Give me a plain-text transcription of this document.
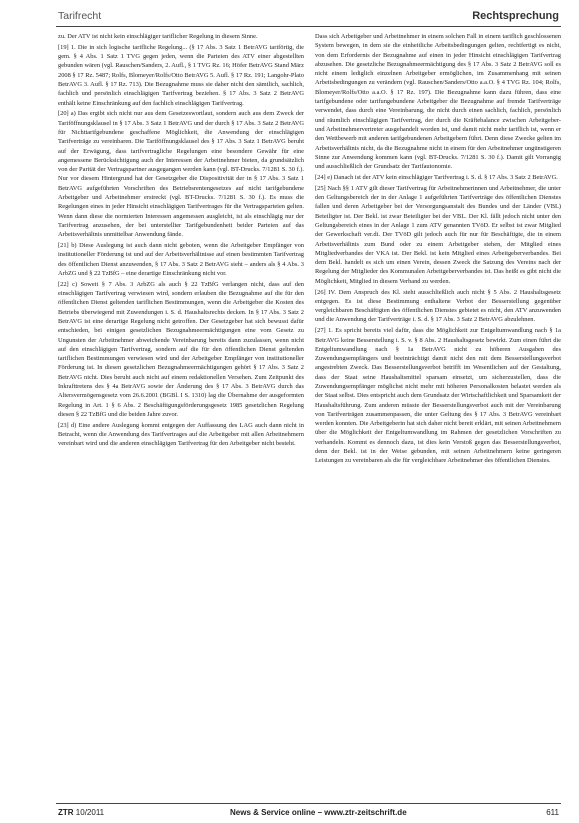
Tarifrecht	Rechtsprechung

zu. Der ATV ist nicht kein einschlägiger tariflicher Regelung in diesem Sinne.

[19] 1. Die in sich logische tarifliche Regelung... (§ 17 Abs. 3 Satz 1 BetrAVG tariförtig, die gem. § 4 Abs. 1 Satz 1 TVG gegen jeden, wenn die Parteien des ATV einer abgestellten gebunden wären (vgl. Rauschen/Sanders, 2. Aufl., § 1 TVG Rz. 16; Höfer BetrAVG Stand März 2008 § 17 Rz. 5487; Rolfs, Blomeyer/Rolfs/Otto BetrAVG 5. Aufl. § 17 Rz. 191; Langohr-Plato BetrAVG 3. Aufl. § 17 Rz. 713). Die Bezugnahme muss sie daher nicht den sämtlich, sachlich, fachlich und persönlich einschlägigen Tarifvertrag beziehen. § 17 Abs. 3 Satz 2 BetrAVG enthält keine Einschränkung auf den fachlich einschlägigen Tarifvertrag.

[20] a) Das ergibt sich nicht nur aus dem Gesetzeswortlaut, sondern auch aus dem Zweck der Tariföffnungsklausel in § 17 Abs. 3 Satz 1 BetrAVG und der durch § 17 Abs. 3 Satz 2 BetrAVG für Nichttarifgebundene geschaffene Möglichkeit, die Anwendung der einschlägigen Tarifverträge zu vereinbaren. Die Tariföffnungsklausel des § 17 Abs. 3 Satz 1 BetrAVG beruht auf der Erwägung, dass tarifvertragliche Regelungen eine besondere Gewähr für eine angemessene Berücksichtigung auch der Interessen der Arbeitnehmer bieten, da grundsätzlich von der Parität der Vertragspartner ausgegangen werden kann (vgl. BT-Drucks. 7/1281 S. 30 f.). Nur vor diesem Hintergrund hat der Gesetzgeber die Dispositivität der in § 17 Abs. 3 Satz 1 BetrAVG aufgeführten Vorschriften des Betriebsrentengesetzes auf nicht tarifgebundene Arbeitgeber und Arbeitnehmer erstreckt (vgl. BT-Drucks. 7/1281 S. 30 f.). Es muss die Regelungen eines in jeder Hinsicht einschlägigen Tarifvertrages für die Vertragsparteien gelten. Wenn dann diese die normierten Interessen angemessen ausgleicht, ist als einschlägig nur der Tarifvertrag anzusehen, der bei unterstellter Tarifgebundenheit beider Parteien auf das Arbeitsverhältnis unmittelbar Anwendung fände.

[21] b) Diese Auslegung ist auch dann nicht geboten, wenn die Arbeitgeber Empfänger von institutioneller Förderung ist und auf der Arbeitsverhältnisse auf einen bestimmten Tarifvertrag des öffentlichen Dienst anzuwenden, § 17 Abs. 3 Satz 2 BetrAVG sieht – anders als § 4 Abs. 3 ArbZG und § 22 TzBfG – eine derartige Einschränkung nicht vor.

[22] c) Soweit § 7 Abs. 3 ArbZG als auch § 22 TzBfG verlangen nicht, dass auf den einschlägigen Tarifvertrag verwiesen wird, sondern erlauben die Bezugnahme auf die für den öffentlichen Dienst geltenden tariflichen Bestimmungen, wenn die Arbeitgeber die Kosten des Betriebs überwiegend mit Zuwendungen i. S. d. Haushaltsrechts decken. In § 17 Abs. 3 Satz 2 BetrAVG ist eine derartige Regelung nicht getroffen. Der Gesetzgeber hat sich bewusst dafür entschieden, bei einigen gesetzlichen Bezugnahmeermächtigungen eine vom Gesetz zu Ungunsten der Arbeitnehmer abweichende Vereinbarung bereits dann zuzulassen, wenn nicht auf den einschlägigen Tarifvertrag, sondern auf die für den öffentlichen Dienst geltenden tariflichen Bestimmungen verwiesen wird und der Arbeitgeber Empfänger von institutioneller Förderung ist. In diesen gesetzlichen Bezugnahmeermächtigungen gehört § 17 Abs. 3 Satz 2 BetrAVG nicht. Dies beruht auch nicht auf einem redaktionellen Versehen. Zum Zeitpunkt des Inkrafttretens des § 4a BetrAVG sowie der Änderung des § 17 Abs. 3 BetrAVG durch das Altersvermögensgesetz vom 26.6.2001 (BGBl. I S. 1310) lag die Übernahme der ausgeformten Regelung in Art. 1 § 6 Abs. 2 Beschäftigungsförderungsgesetz 1985 gesetzlichen Regelung diesen § 22 TzBfG und die beiden Jahre zuvor.

[23] d) Eine andere Auslegung kommt entgegen der Auffassung des LAG auch dann nicht in Betracht, wenn die Anwendung des Tarifvertrages auf die Arbeitgeber mit allen Arbeitnehmern vereinbart wird und die anderen einschlägigen Tarifvertrag für den Arbeitgeber nicht besteht.

Dass sich Arbeitgeber und Arbeitnehmer in einem solchen Fall in einem tariflich geschlossenen System bewegen, in dem sie die einheitliche Arbeitsbedingungen gelten, rechtfertigt es nicht, von dem Erfordernis der Bezugnahme auf einen in jeder Hinsicht einschlägigen Tarifvertrag abzusehen. Die gesetzliche Bezugnahmeermächtigung des § 17 Abs. 3 Satz 2 BetrAVG soll es nicht einem lediglich einzelnen Arbeitgeber ermöglichen, im Zusammenhang mit seinen Arbeitsbedingungen zu verändern (vgl. Rauschen/Sanders/Otto a.a.O. § 4 TVG Rz. 104; Rolfs, Blomeyer/Rolfs/Otto a.a.O. § 17 Rz. 197). Die Bezugnahme kann dazu führen, dass eine tarifgebundene oder tarifungebundene Arbeitgeber die Bezugnahme auf fremde Tarifverträge verwendet, dass durch eine Vereinbarung, die nicht durch einen sachlich, fachlich, persönlich und räumlich einschlägigen Tarifvertrag, der durch die Kräftebalance zwischen Arbeitgeber- und Arbeitnehmervertreter ausgehandelt worden ist, und damit nicht mehr tariflich ist, wenn er den Wettbewerb mit anderen tarifgebundenen Arbeitgebern führt. Denn diese Zwecke gelten im Arbeitsverhältnis nicht, da die Bezugnahme nicht in einem für den Arbeitnehmer ungünstigeren Sinne zur Anwendung kommen kann (vgl. BT-Drucks. 7/1281 S. 30 f.). Damit gilt Vorrangig und ausschließlich der Grundsatz der Tarifautonomie.

[24] e) Danach ist der ATV kein einschlägiger Tarifvertrag i. S. d. § 17 Abs. 3 Satz 2 BetrAVG.

[25] Nach §§ 1 ATV gilt dieser Tarifvertrag für Arbeitnehmerinnen und Arbeitnehmer, die unter den Geltungsbereich der in der Anlage 1 aufgeführten Tarifverträge des öffentlichen Dienstes fallen und deren Arbeitgeber bei der Versorgungsanstalt des Bundes und der Länder (VBL) Beteiligter ist. Der Bekl. ist zwar Beteiligter bei der VBL. Der Kl. fällt jedoch nicht unter den Geltungsbereich eines in der Anlage 1 zum ATV genannten TVöD. Er selbst ist zwar Mitglied der Gewerkschaft ver.di. Der TVöD gilt jedoch auch für nur für Beschäftigte, die in einem Arbeitsverhältnis zum Bund oder zu einem Arbeitgeber stehen, der Mitglied eines Mitgliedverbandes der VKA ist. Der Bekl. ist kein Mitglied eines Arbeitgeberverbandes. Bei dem Bekl. handelt es sich um einen Verein, dessen Zweck die Satzung des Vereins nach der Regelung der Mitglieder des Kommunalen Arbeitgeberverbandes ist. Das heißt es gibt nicht die Möglichkeit, Mitglied in diesem Verband zu werden.

[26] IV. Dem Anspruch des Kl. steht ausschließlich auch nicht § 5 Abs. 2 Haushaltsgesetz entgegen. Es ist diese Bestimmung enthaltene Verbot der Besserstellung gegenüber vergleichbaren Beschäftigten des öffentlichen Dienstes gebietet es nicht, den ATV anzuwenden und die Anwendung der Tarifverträge i. S. d. § 17 Abs. 3 Satz 2 BetrAVG abzulehnen.

[27] 1. Es spricht bereits viel dafür, dass die Möglichkeit zur Entgeltumwandlung nach § 1a BetrAVG keine Besserstellung i. S. v. § 8 Abs. 2 Haushaltsgesetz bewirkt. Zum einen führt die Entgeltumwandlung nach § 1a BetrAVG nicht zu höheren Ausgaben des Zuwendungsempfängers und beeinträchtigt damit nicht den mit dem Besserstellungsverbot angestrebten Zweck. Das Besserstellungsverbot betrifft im Wesentlichen auf der Gestaltung, dass der Staat seine Haushaltsmittel sparsam einsetzt, um sicherzustellen, dass die Zuwendungsempfänger möglichst nicht mehr mit höheren Personalkosten belastet werden als der Staat selbst. Dies entspricht auch dem Grundsatz der Wirtschaftlichkeit und Sparsamkeit der Haushaltsführung. Zum anderen müsste der Besserstellungsverbot auch mit der Vereinbarung von Tarifverträgen zusammenpassen, die unter Geltung des § 17 Abs. 3 BetrAVG vereinbart werden konnten. Die Arbeitgeberin hat sich daher nicht bereit erklärt, mit seinen Arbeitnehmern über die Möglichkeit der Entgeltumwandlung im Rahmen der gesetzlichen Vorschriften zu verhandeln. Kommt es dennoch dazu, ist dies kein Verstoß gegen das Besserstellungsverbot, denn der Bekl. ist in der Weise gebunden, mit seinen Arbeitnehmern keine geringeren Leistungen zu vereinbaren als die für vergleichbare Arbeitnehmer des öffentlichen Dienstes.

ZTR 10/2011	News & Service online – www.ztr-zeitschrift.de	611
